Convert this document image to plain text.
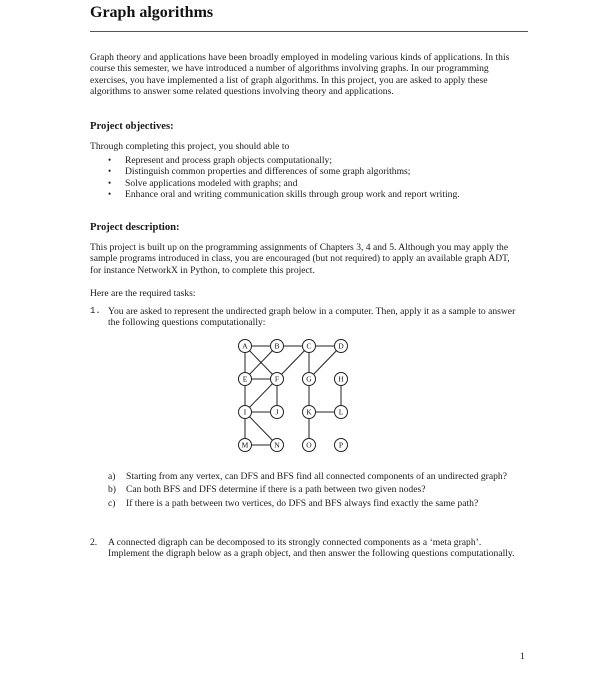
Graph algorithms
Graph theory and applications have been broadly employed in modeling various kinds of applications. In this course this semester, we have introduced a number of algorithms involving graphs. In our programming exercises, you have implemented a list of graph algorithms. In this project, you are asked to apply these algorithms to answer some related questions involving theory and applications.
Project objectives:
Through completing this project, you should able to
• Represent and process graph objects computationally;
• Distinguish common properties and differences of some graph algorithms;
• Solve applications modeled with graphs; and
• Enhance oral and writing communication skills through group work and report writing.
Project description:
This project is built up on the programming assignments of Chapters 3, 4 and 5. Although you may apply the sample programs introduced in class, you are encouraged (but not required) to apply an available graph ADT, for instance NetworkX in Python, to complete this project.
Here are the required tasks:
1. You are asked to represent the undirected graph below in a computer. Then, apply it as a sample to answer the following questions computationally:
A	B	C	D
E	F	G	H
I	J	K	L
M	N	O	P
a) Starting from any vertex, can DFS and BFS find all connected components of an undirected graph?
b) Can both BFS and DFS determine if there is a path between two given nodes?
c) If there is a path between two vertices, do DFS and BFS always find exactly the same path?
2. A connected digraph can be decomposed to its strongly connected components as a ‘meta graph’. Implement the digraph below as a graph object, and then answer the following questions computationally.
1
